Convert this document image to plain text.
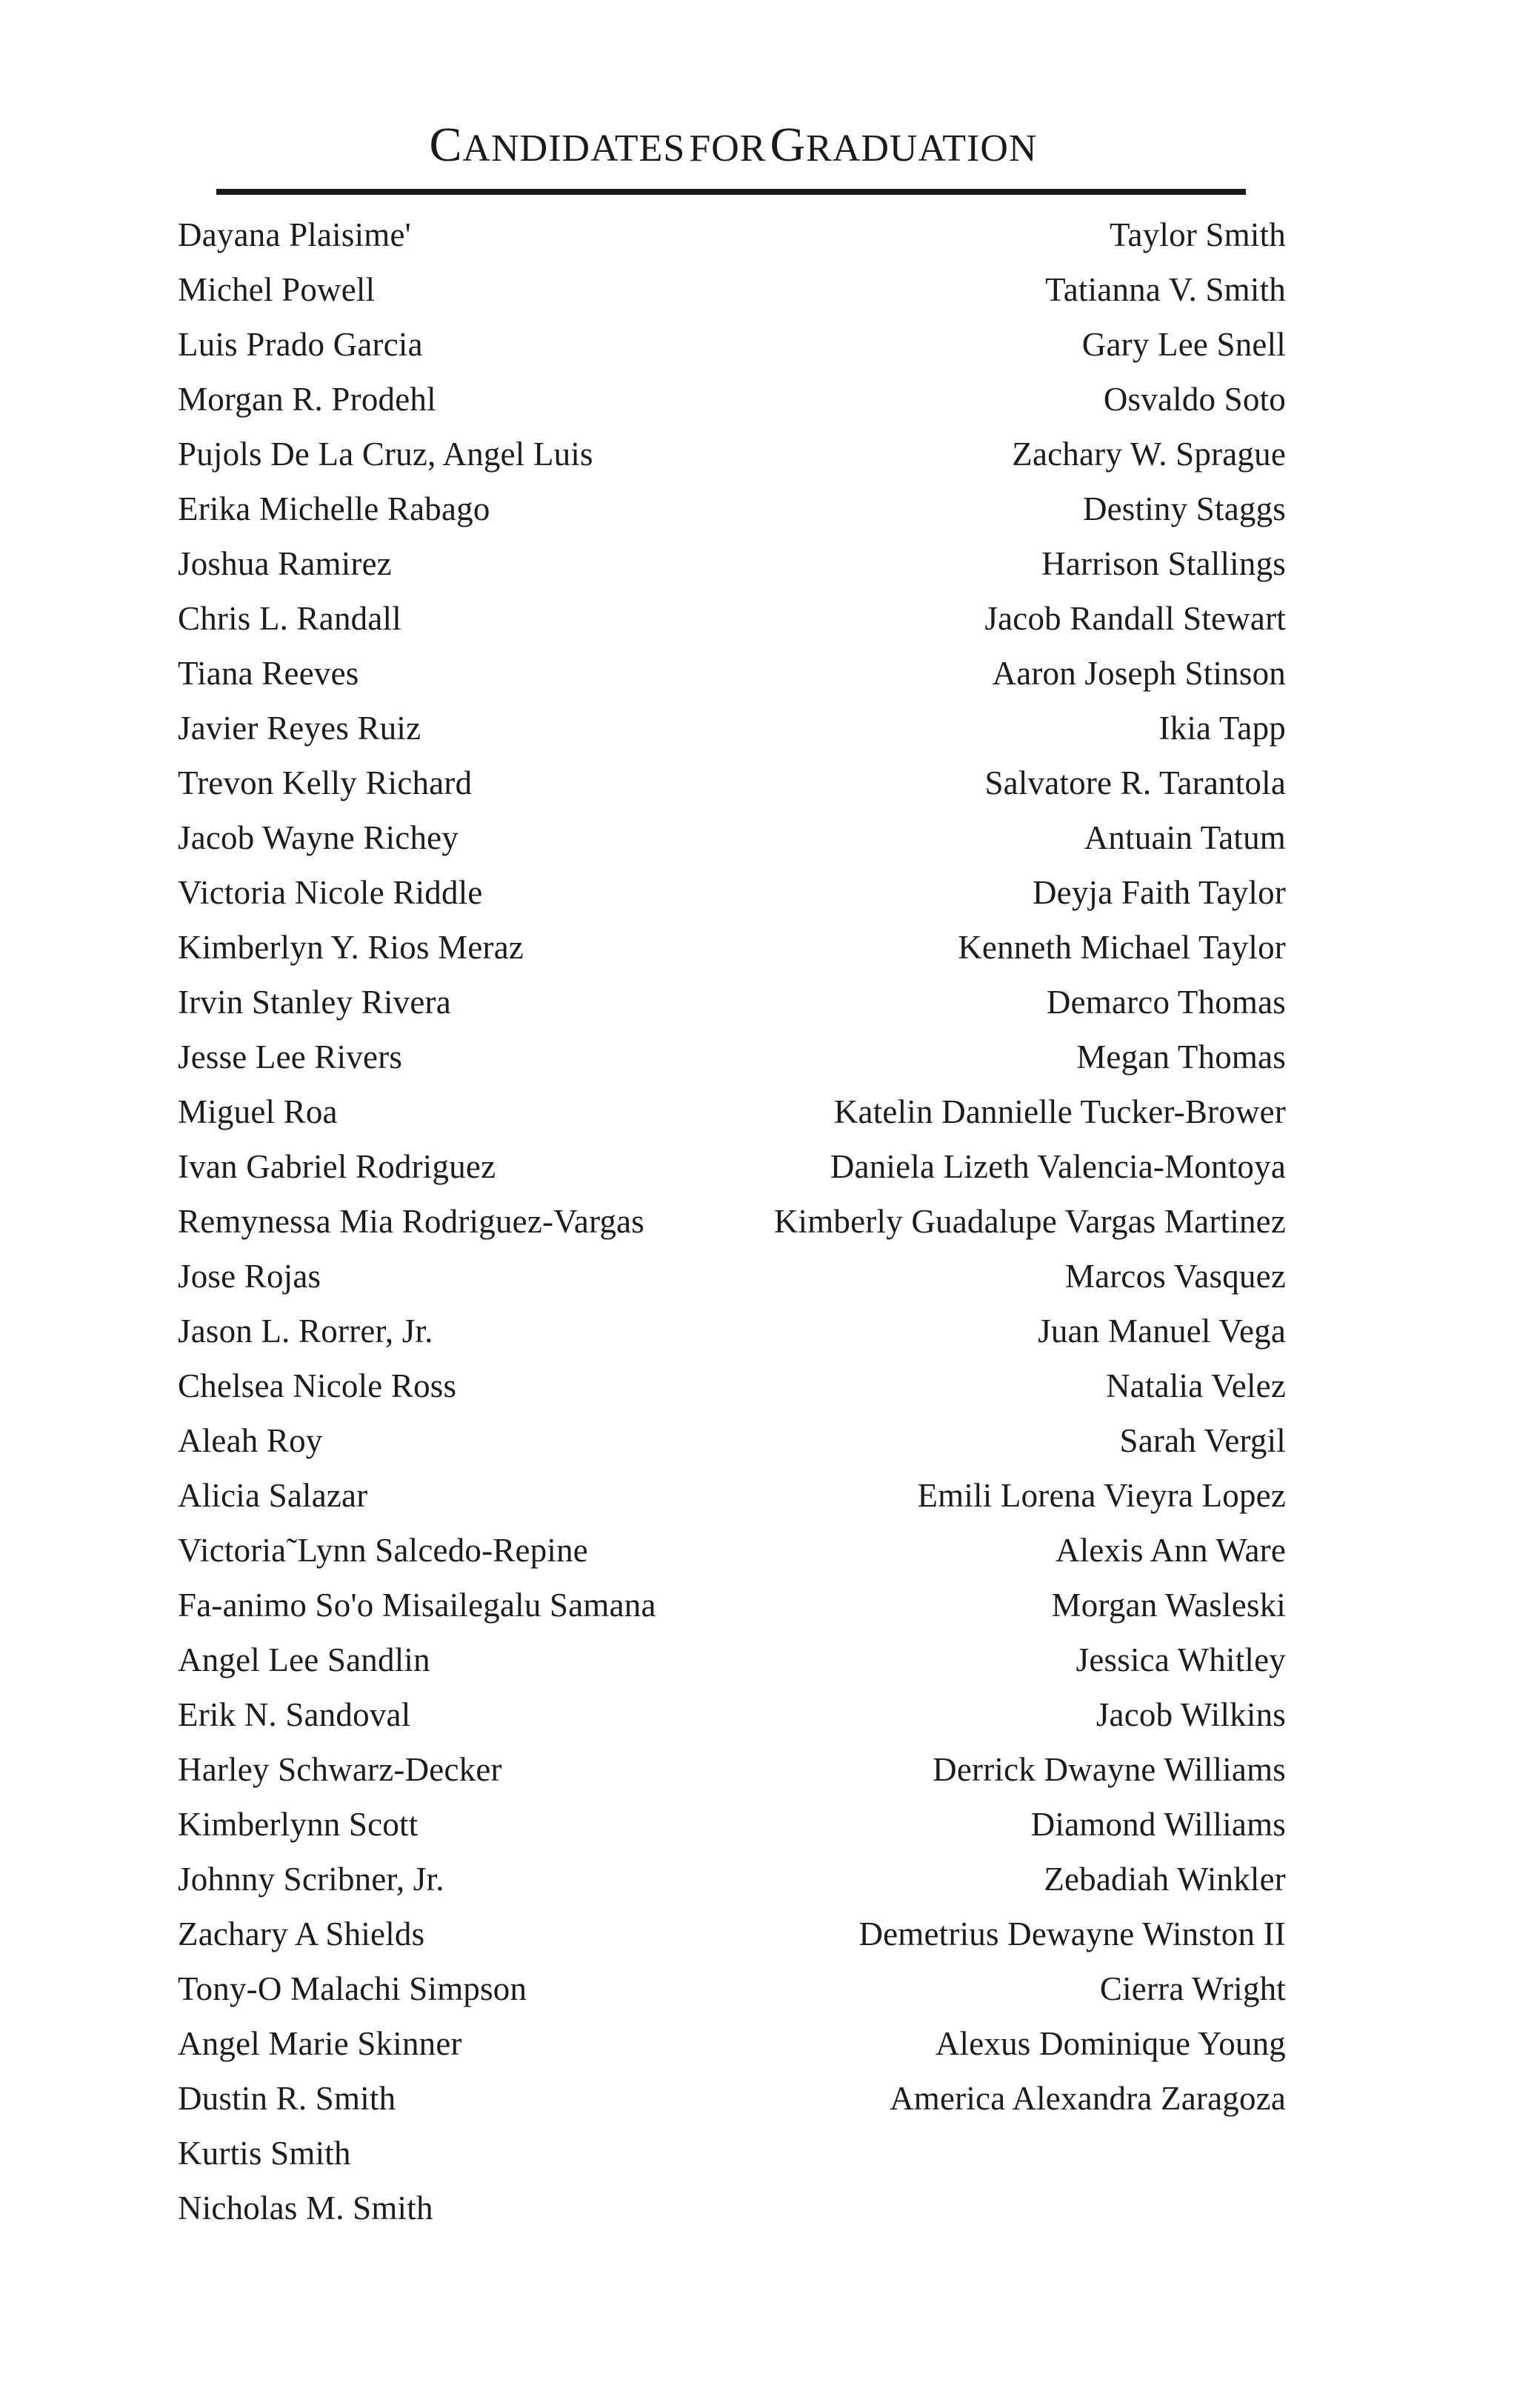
CANDIDATES FOR GRADUATION
Dayana Plaisime'
Michel Powell
Luis Prado Garcia
Morgan R. Prodehl
Pujols De La Cruz, Angel Luis
Erika Michelle Rabago
Joshua Ramirez
Chris L. Randall
Tiana Reeves
Javier Reyes Ruiz
Trevon Kelly Richard
Jacob Wayne Richey
Victoria Nicole Riddle
Kimberlyn Y. Rios Meraz
Irvin Stanley Rivera
Jesse Lee Rivers
Miguel Roa
Ivan Gabriel Rodriguez
Remynessa Mia Rodriguez-Vargas
Jose Rojas
Jason L. Rorrer, Jr.
Chelsea Nicole Ross
Aleah Roy
Alicia Salazar
Victoria˜Lynn Salcedo-Repine
Fa-animo So'o Misailegalu Samana
Angel Lee Sandlin
Erik N. Sandoval
Harley Schwarz-Decker
Kimberlynn Scott
Johnny Scribner, Jr.
Zachary A Shields
Tony-O Malachi Simpson
Angel Marie Skinner
Dustin R. Smith
Kurtis Smith
Nicholas M. Smith
Taylor Smith
Tatianna V. Smith
Gary Lee Snell
Osvaldo Soto
Zachary W. Sprague
Destiny Staggs
Harrison Stallings
Jacob Randall Stewart
Aaron Joseph Stinson
Ikia Tapp
Salvatore R. Tarantola
Antuain Tatum
Deyja Faith Taylor
Kenneth Michael Taylor
Demarco Thomas
Megan Thomas
Katelin Dannielle Tucker-Brower
Daniela Lizeth Valencia-Montoya
Kimberly Guadalupe Vargas Martinez
Marcos Vasquez
Juan Manuel Vega
Natalia Velez
Sarah Vergil
Emili Lorena Vieyra Lopez
Alexis Ann Ware
Morgan Wasleski
Jessica Whitley
Jacob Wilkins
Derrick Dwayne Williams
Diamond Williams
Zebadiah Winkler
Demetrius Dewayne Winston II
Cierra Wright
Alexus Dominique Young
America Alexandra Zaragoza
